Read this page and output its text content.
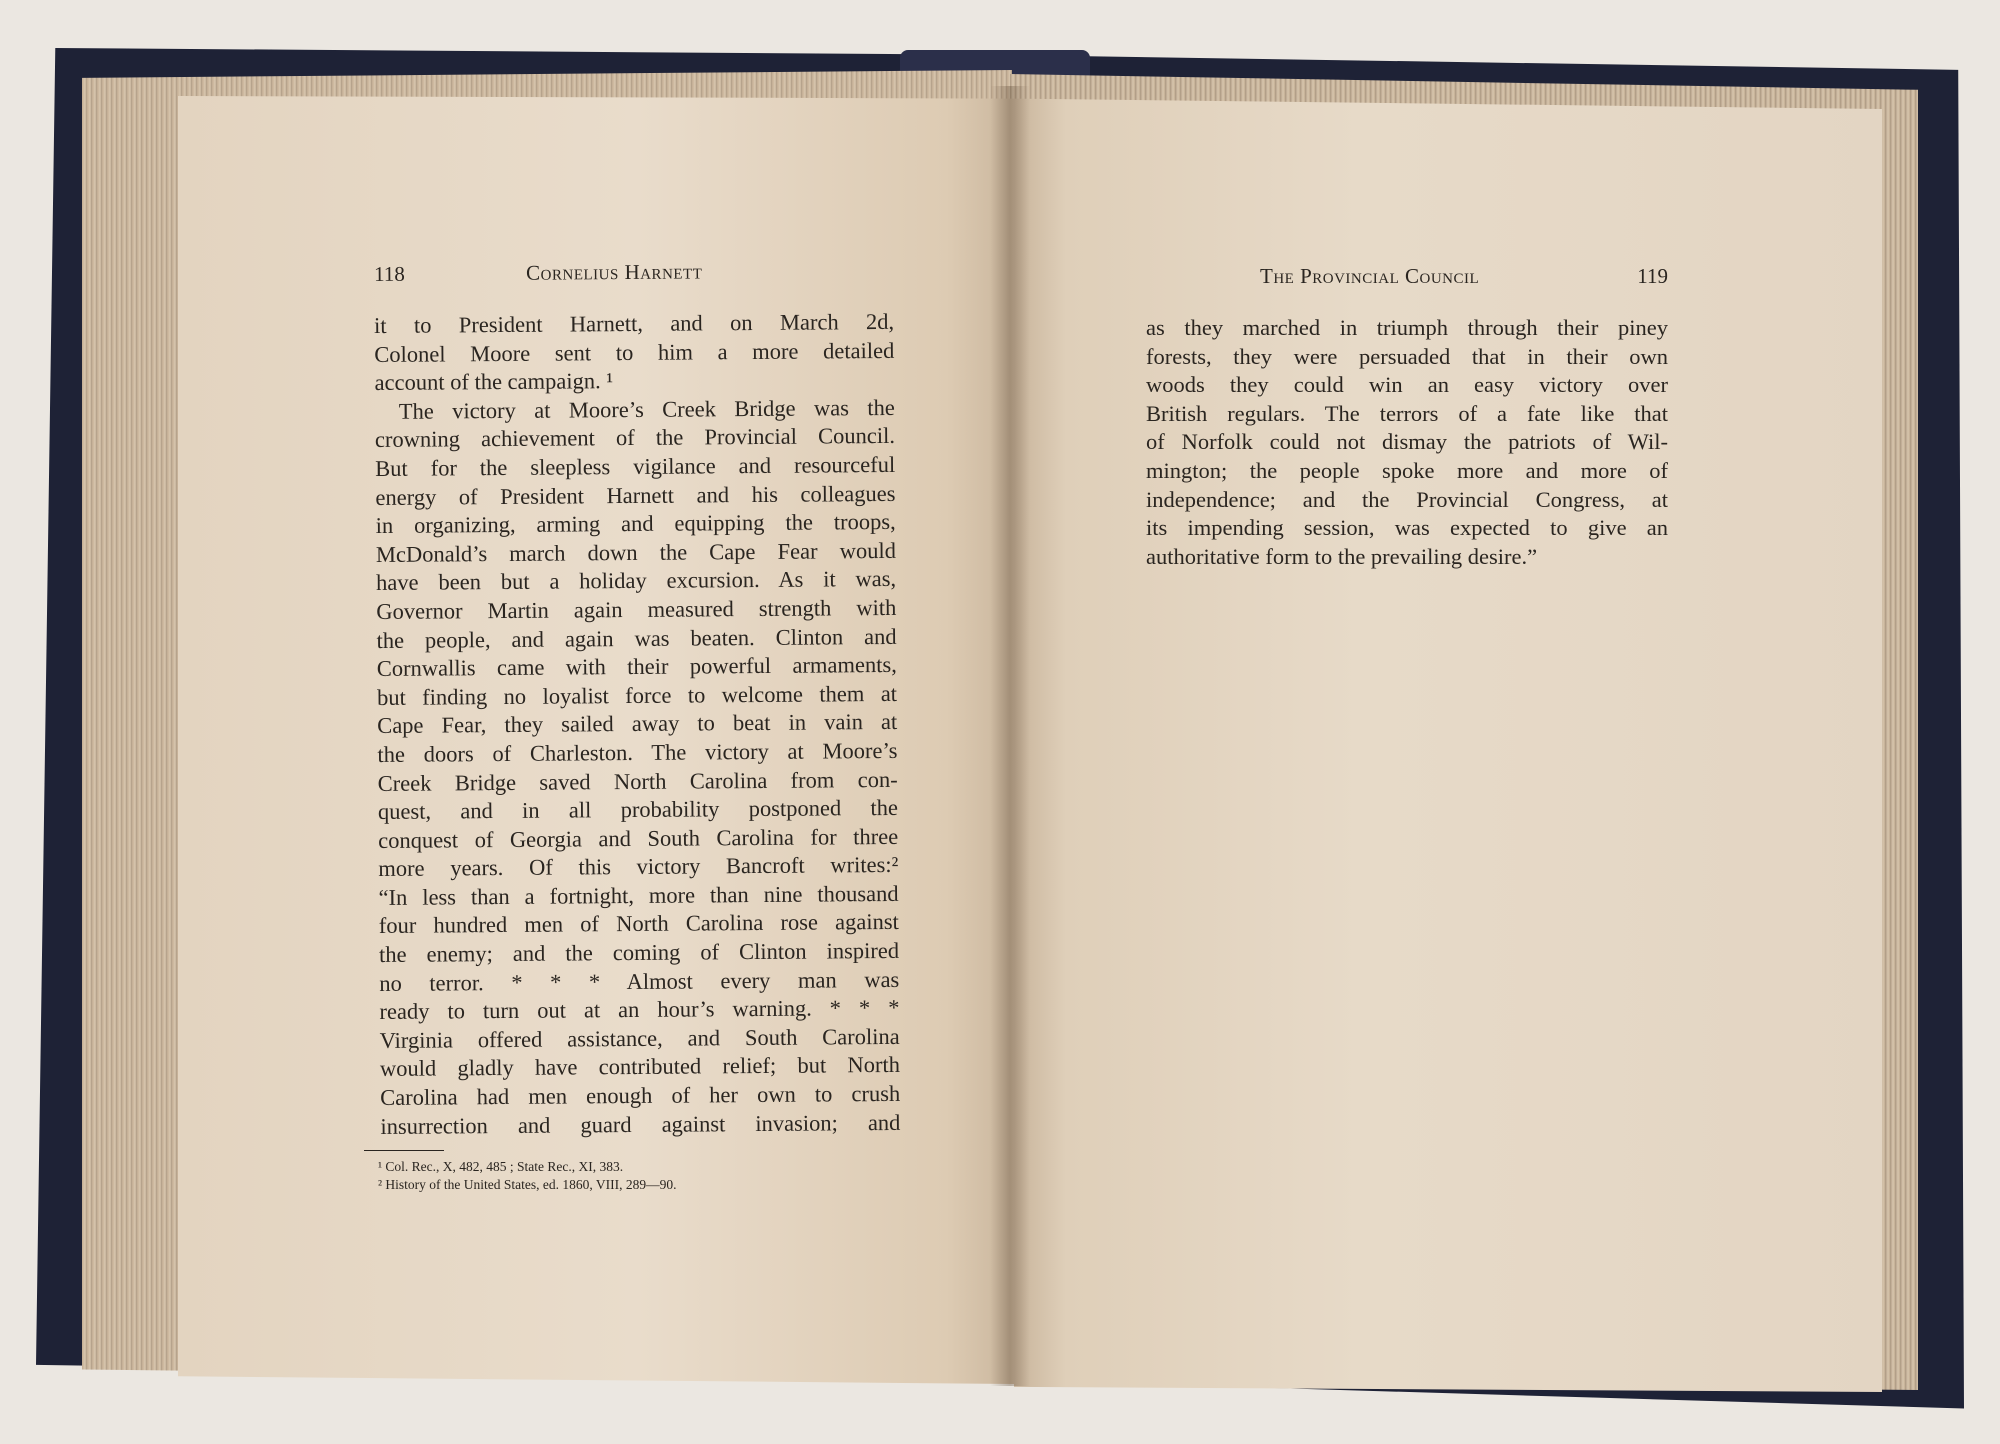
118	Cornelius Harnett

it to President Harnett, and on March 2d,

Colonel Moore sent to him a more detailed

account of the campaign. ¹

The victory at Moore’s Creek Bridge was the

crowning achievement of the Provincial Council.

But for the sleepless vigilance and resourceful

energy of President Harnett and his colleagues

in organizing, arming and equipping the troops,

McDonald’s march down the Cape Fear would

have been but a holiday excursion. As it was,

Governor Martin again measured strength with

the people, and again was beaten. Clinton and

Cornwallis came with their powerful armaments,

but finding no loyalist force to welcome them at

Cape Fear, they sailed away to beat in vain at

the doors of Charleston. The victory at Moore’s

Creek Bridge saved North Carolina from con-

quest, and in all probability postponed the

conquest of Georgia and South Carolina for three

more years. Of this victory Bancroft writes:²

“In less than a fortnight, more than nine thousand

four hundred men of North Carolina rose against

the enemy; and the coming of Clinton inspired

no terror. * * * Almost every man was

ready to turn out at an hour’s warning. * * *

Virginia offered assistance, and South Carolina

would gladly have contributed relief; but North

Carolina had men enough of her own to crush

insurrection and guard against invasion; and

¹ Col. Rec., X, 482, 485 ; State Rec., XI, 383.
² History of the United States, ed. 1860, VIII, 289—90.
The Provincial Council	119

as they marched in triumph through their piney

forests, they were persuaded that in their own

woods they could win an easy victory over

British regulars. The terrors of a fate like that

of Norfolk could not dismay the patriots of Wil-

mington; the people spoke more and more of

independence; and the Provincial Congress, at

its impending session, was expected to give an

authoritative form to the prevailing desire.”
